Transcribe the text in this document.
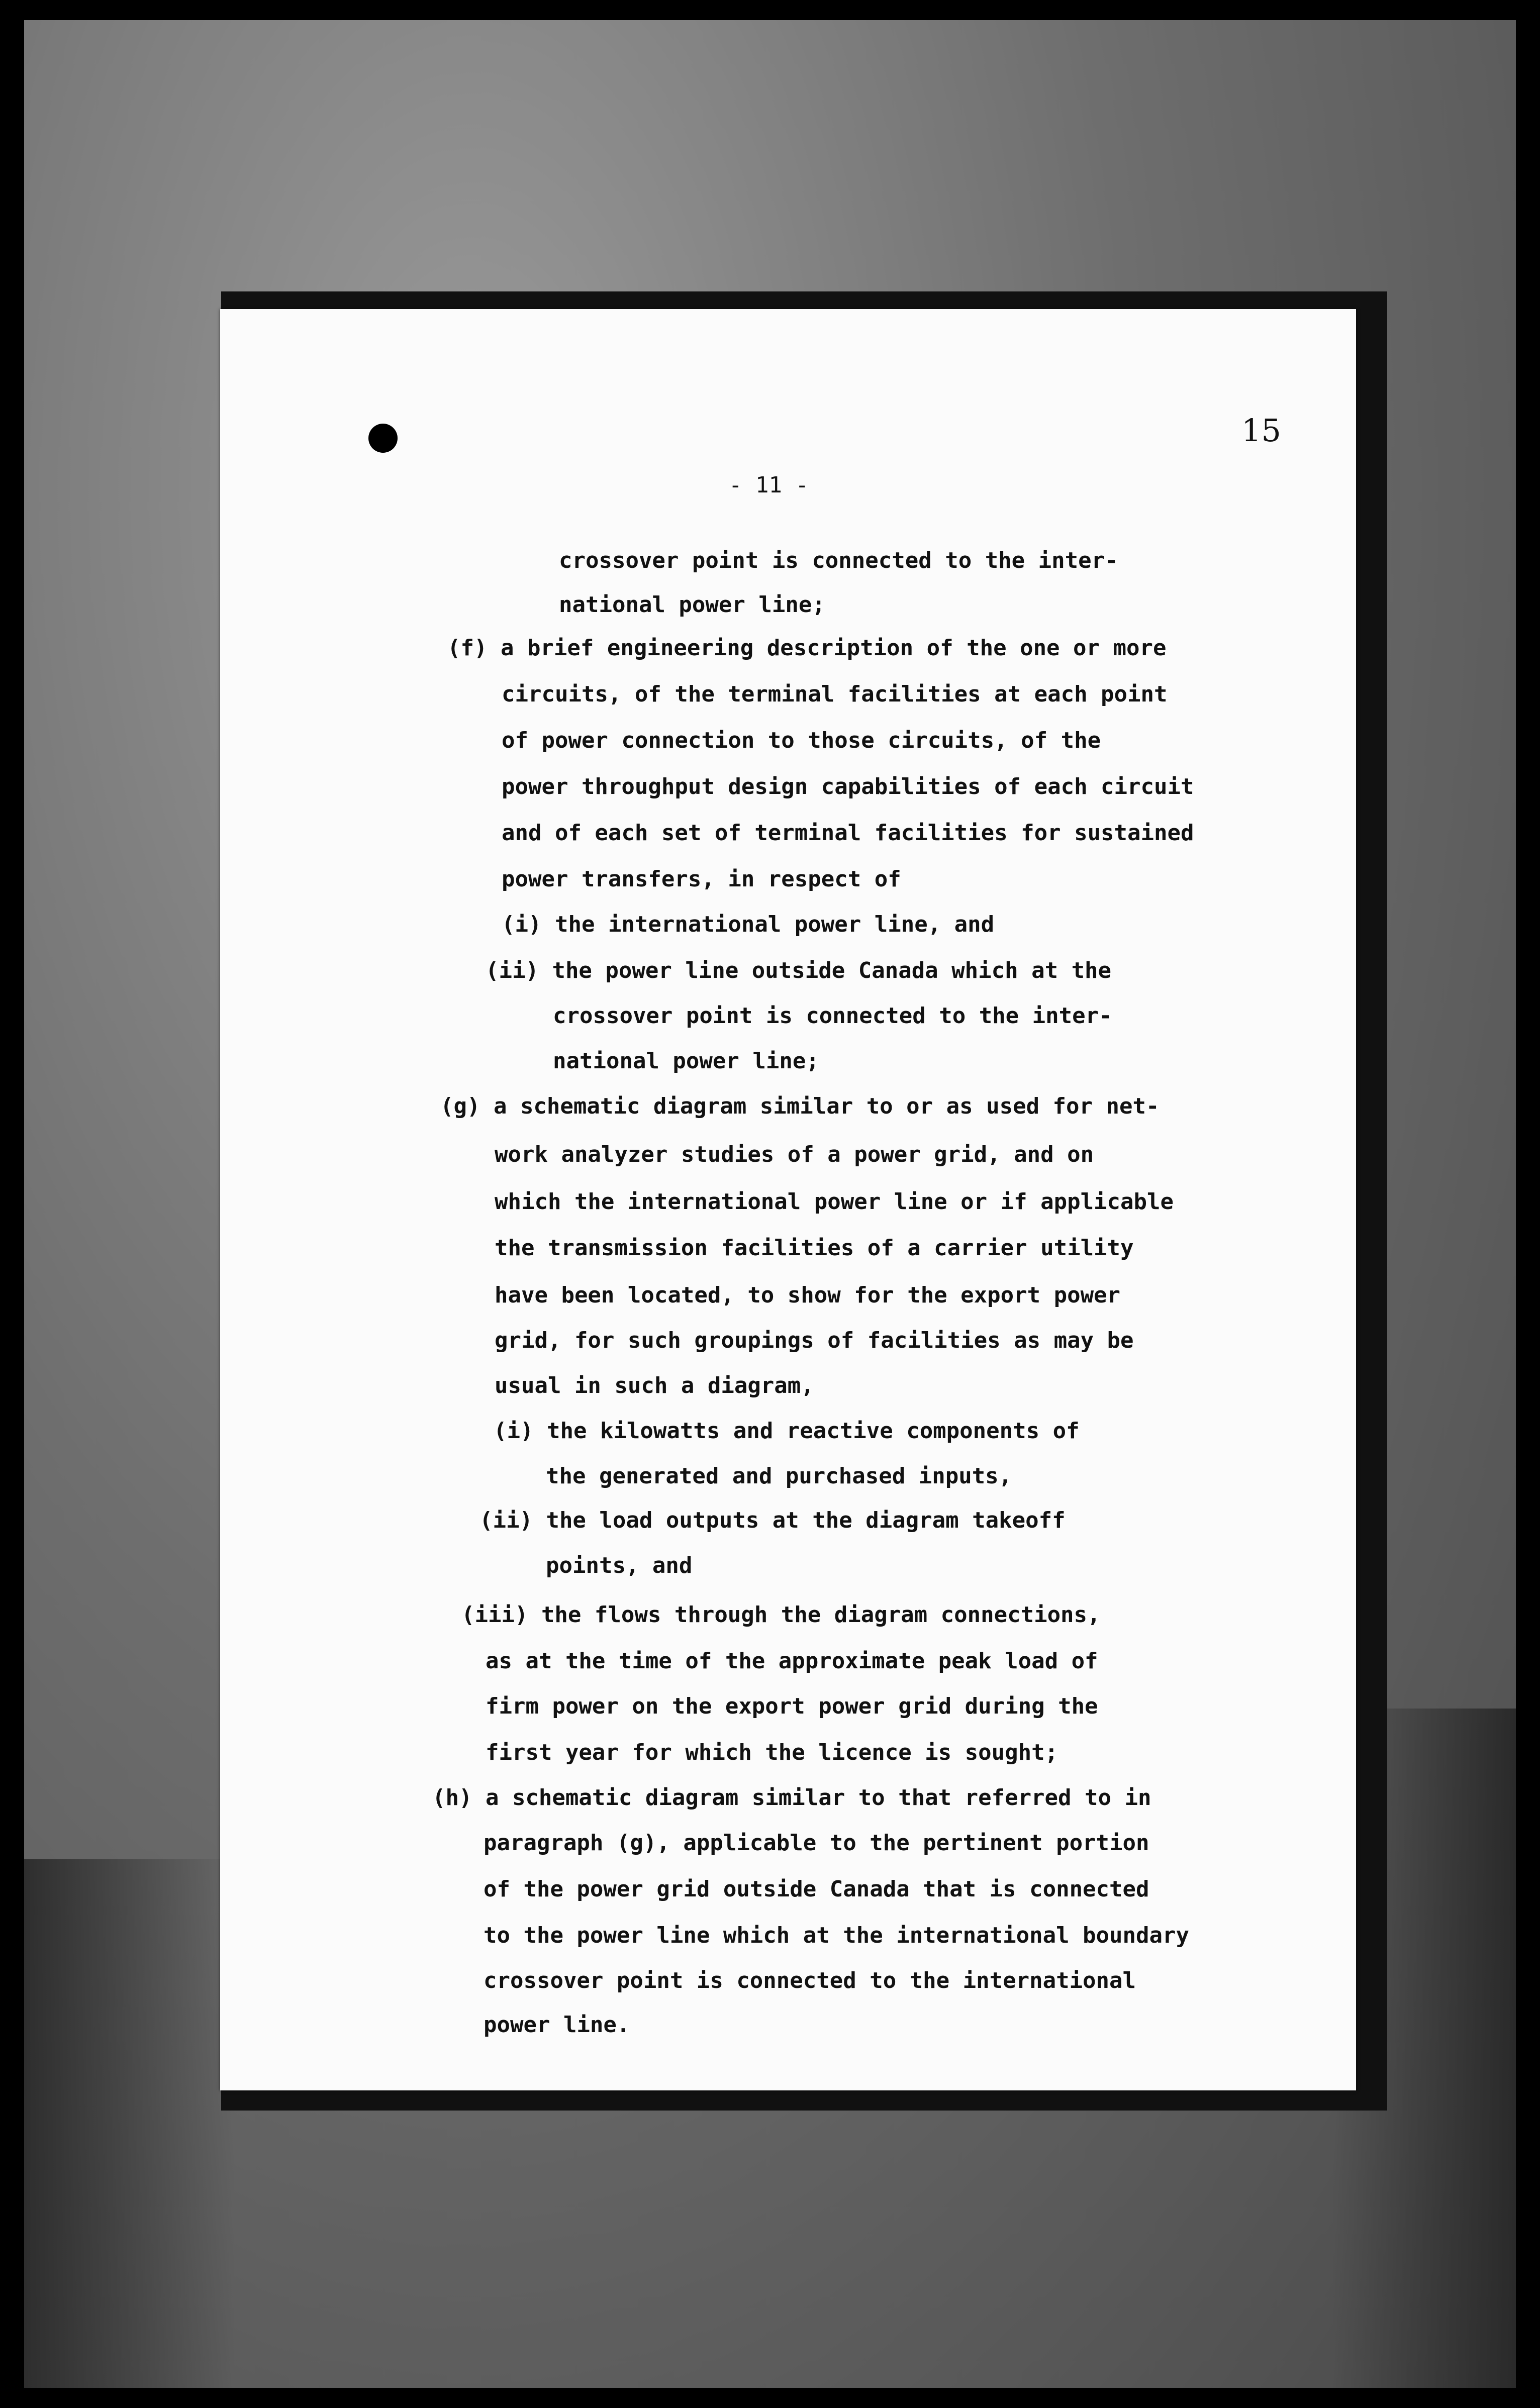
15
- 11 -
crossover point is connected to the inter-
national power line;
(f) a brief engineering description of the one or more
circuits, of the terminal facilities at each point
of power connection to those circuits, of the
power throughput design capabilities of each circuit
and of each set of terminal facilities for sustained
power transfers, in respect of
(i) the international power line, and
(ii) the power line outside Canada which at the
crossover point is connected to the inter-
national power line;
(g) a schematic diagram similar to or as used for net-
work analyzer studies of a power grid, and on
which the international power line or if applicable
the transmission facilities of a carrier utility
have been located, to show for the export power
grid, for such groupings of facilities as may be
usual in such a diagram,
(i) the kilowatts and reactive components of
the generated and purchased inputs,
(ii) the load outputs at the diagram takeoff
points, and
(iii) the flows through the diagram connections,
as at the time of the approximate peak load of
firm power on the export power grid during the
first year for which the licence is sought;
(h) a schematic diagram similar to that referred to in
paragraph (g), applicable to the pertinent portion
of the power grid outside Canada that is connected
to the power line which at the international boundary
crossover point is connected to the international
power line.
